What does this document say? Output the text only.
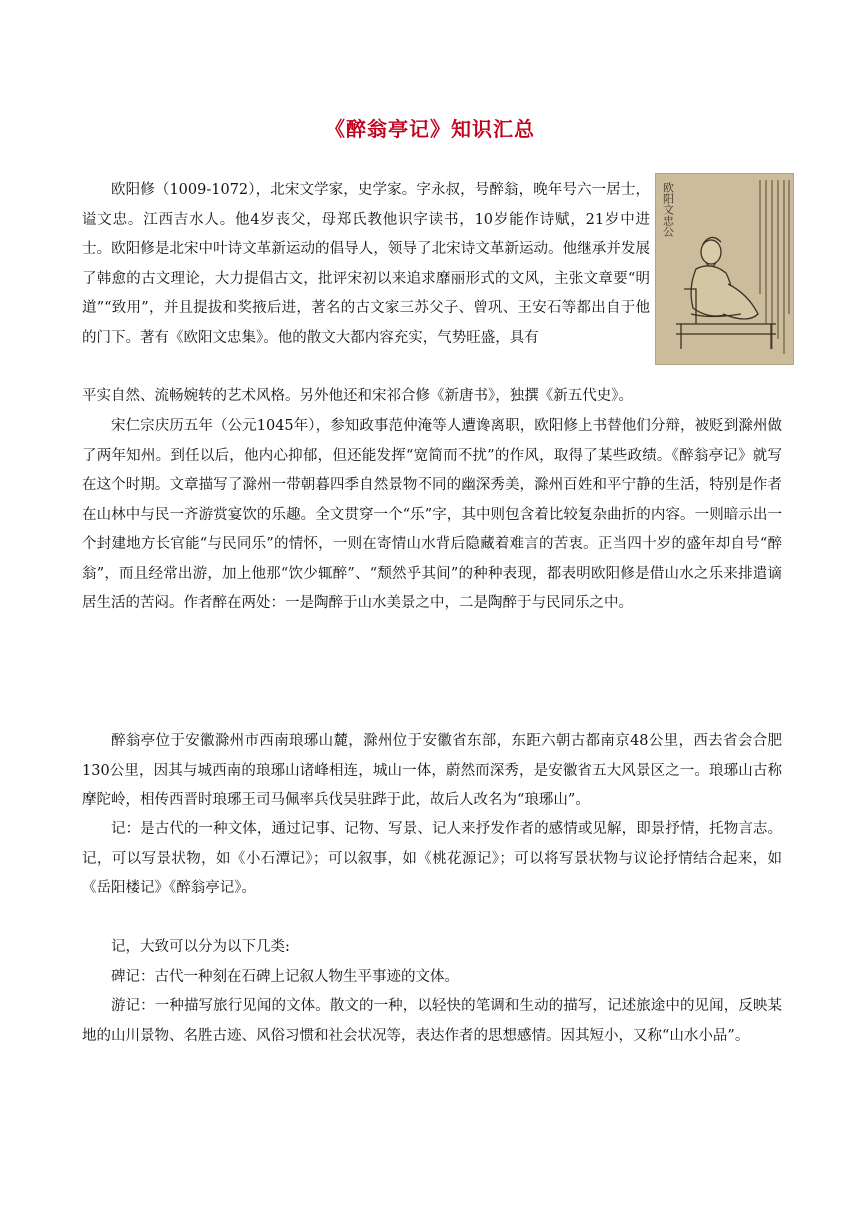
《醉翁亭记》知识汇总
欧阳文忠公

欧阳修（1009-1072），北宋文学家，史学家。字永叔，号醉翁，晚年号六一居士，谥文忠。江西吉水人。他4岁丧父，母郑氏教他识字读书，10岁能作诗赋，21岁中进士。欧阳修是北宋中叶诗文革新运动的倡导人，领导了北宋诗文革新运动。他继承并发展了韩愈的古文理论，大力提倡古文，批评宋初以来追求靡丽形式的文风，主张文章要“明道”“致用”，并且提拔和奖掖后进，著名的古文家三苏父子、曾巩、王安石等都出自于他的门下。著有《欧阳文忠集》。他的散文大都内容充实，气势旺盛，具有

平实自然、流畅婉转的艺术风格。另外他还和宋祁合修《新唐书》，独撰《新五代史》。

宋仁宗庆历五年（公元1045年），参知政事范仲淹等人遭谗离职，欧阳修上书替他们分辩，被贬到滁州做了两年知州。到任以后，他内心抑郁，但还能发挥“宽简而不扰”的作风，取得了某些政绩。《醉翁亭记》就写在这个时期。文章描写了滁州一带朝暮四季自然景物不同的幽深秀美，滁州百姓和平宁静的生活，特别是作者在山林中与民一齐游赏宴饮的乐趣。全文贯穿一个“乐”字，其中则包含着比较复杂曲折的内容。一则暗示出一个封建地方长官能“与民同乐”的情怀，一则在寄情山水背后隐藏着难言的苦衷。正当四十岁的盛年却自号“醉翁”，而且经常出游，加上他那“饮少辄醉”、“颓然乎其间”的种种表现，都表明欧阳修是借山水之乐来排遣谪居生活的苦闷。作者醉在两处：一是陶醉于山水美景之中，二是陶醉于与民同乐之中。

醉翁亭位于安徽滁州市西南琅琊山麓，滁州位于安徽省东部，东距六朝古都南京48公里，西去省会合肥130公里，因其与城西南的琅琊山诸峰相连，城山一体，蔚然而深秀，是安徽省五大风景区之一。琅琊山古称摩陀岭，相传西晋时琅琊王司马佩率兵伐吴驻跸于此，故后人改名为“琅琊山”。

记：是古代的一种文体，通过记事、记物、写景、记人来抒发作者的感情或见解，即景抒情，托物言志。记，可以写景状物，如《小石潭记》；可以叙事，如《桃花源记》；可以将写景状物与议论抒情结合起来，如《岳阳楼记》《醉翁亭记》。

记，大致可以分为以下几类:

碑记：古代一种刻在石碑上记叙人物生平事迹的文体。

游记：一种描写旅行见闻的文体。散文的一种，以轻快的笔调和生动的描写，记述旅途中的见闻，反映某地的山川景物、名胜古迹、风俗习惯和社会状况等，表达作者的思想感情。因其短小，又称“山水小品”。
